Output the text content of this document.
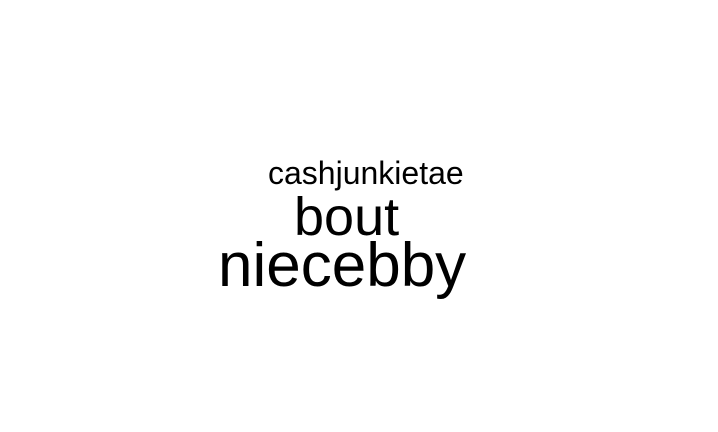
cashjunkietae
bout
niecebby
